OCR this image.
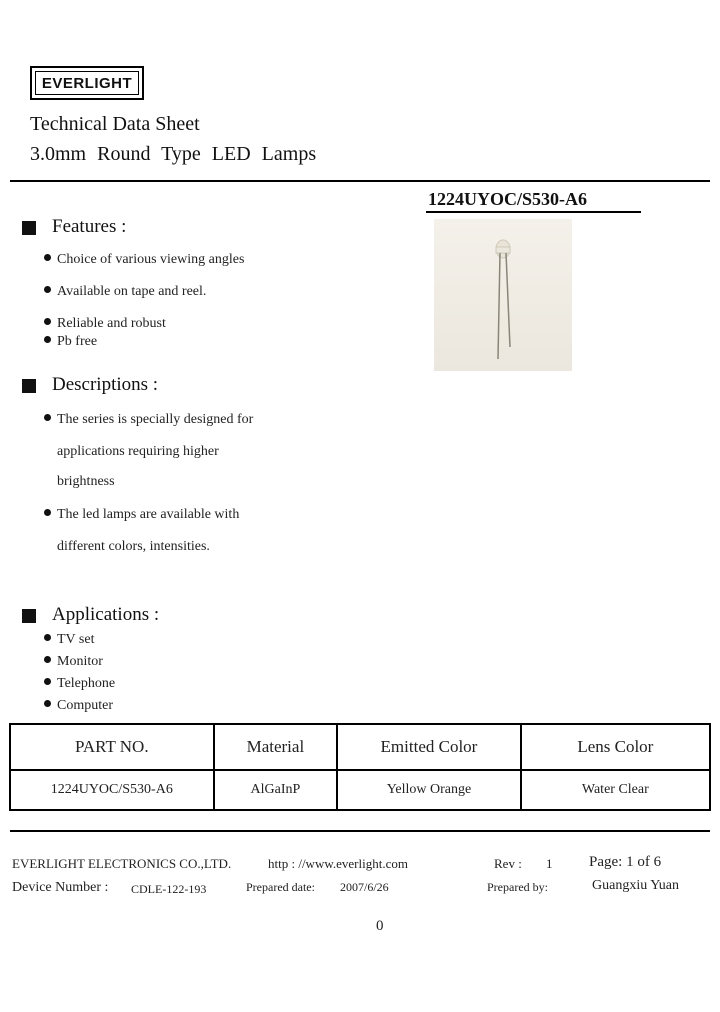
EVERLIGHT
Technical Data Sheet
3.0mm Round Type LED Lamps
1224UYOC/S530-A6
Features :
Choice of various viewing angles
Available on tape and reel.
Reliable and robust
Pb free
Descriptions :
The series is specially designed for
applications requiring higher
brightness
The led lamps are available with
different colors, intensities.
Applications :
TV set
Monitor
Telephone
Computer
PART NO.	Material	Emitted Color	Lens Color
1224UYOC/S530-A6	AlGaInP	Yellow Orange	Water Clear
EVERLIGHT ELECTRONICS CO.,LTD.	http : //www.everlight.com	Rev : 1 Page: 1 of 6
Device Number : CDLE-122-193	Prepared date: 2007/6/26	Prepared by:	Guangxiu Yuan
0
